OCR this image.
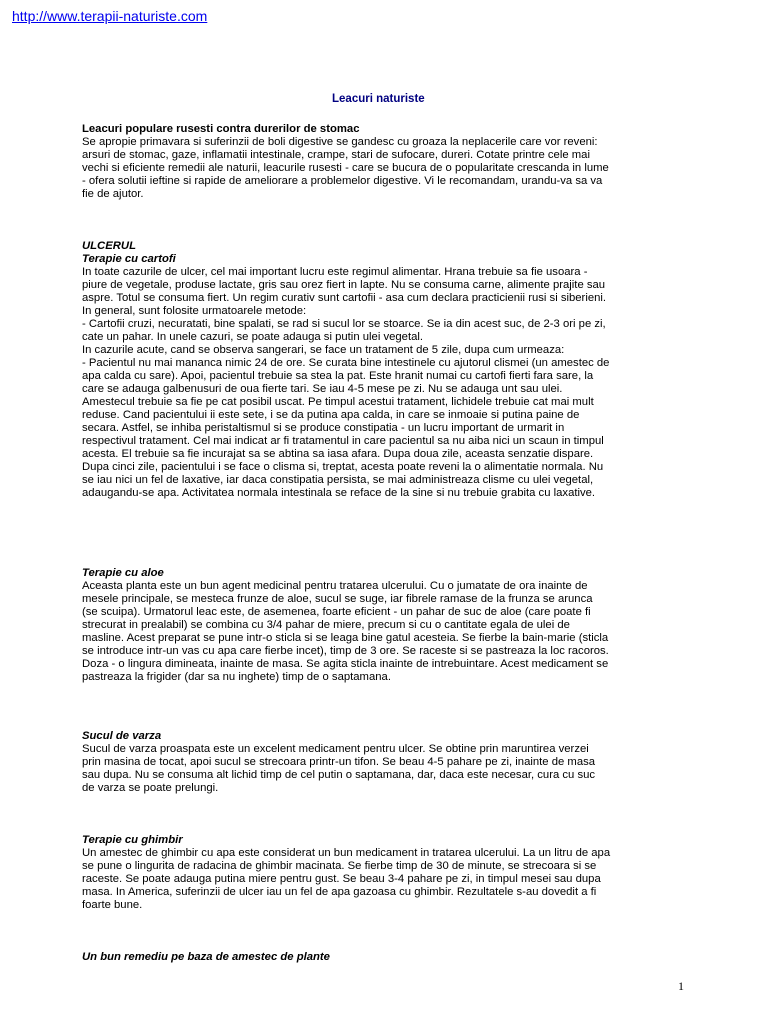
http://www.terapii-naturiste.com
Leacuri naturiste
Leacuri populare rusesti contra durerilor de stomac

Se apropie primavara si suferinzii de boli digestive se gandesc cu groaza la neplacerile care vor reveni:
arsuri de stomac, gaze, inflamatii intestinale, crampe, stari de sufocare, dureri. Cotate printre cele mai
vechi si eficiente remedii ale naturii, leacurile rusesti - care se bucura de o popularitate crescanda in lume
- ofera solutii ieftine si rapide de ameliorare a problemelor digestive. Vi le recomandam, urandu-va sa va
fie de ajutor.

ULCERUL
Terapie cu cartofi

In toate cazurile de ulcer, cel mai important lucru este regimul alimentar. Hrana trebuie sa fie usoara -
piure de vegetale, produse lactate, gris sau orez fiert in lapte. Nu se consuma carne, alimente prajite sau
aspre. Totul se consuma fiert. Un regim curativ sunt cartofii - asa cum declara practicienii rusi si siberieni.
In general, sunt folosite urmatoarele metode:
- Cartofii cruzi, necuratati, bine spalati, se rad si sucul lor se stoarce. Se ia din acest suc, de 2-3 ori pe zi,
cate un pahar. In unele cazuri, se poate adauga si putin ulei vegetal.
In cazurile acute, cand se observa sangerari, se face un tratament de 5 zile, dupa cum urmeaza:
- Pacientul nu mai mananca nimic 24 de ore. Se curata bine intestinele cu ajutorul clismei (un amestec de
apa calda cu sare). Apoi, pacientul trebuie sa stea la pat. Este hranit numai cu cartofi fierti fara sare, la
care se adauga galbenusuri de oua fierte tari. Se iau 4-5 mese pe zi. Nu se adauga unt sau ulei.
Amestecul trebuie sa fie pe cat posibil uscat. Pe timpul acestui tratament, lichidele trebuie cat mai mult
reduse. Cand pacientului ii este sete, i se da putina apa calda, in care se inmoaie si putina paine de
secara. Astfel, se inhiba peristaltismul si se produce constipatia - un lucru important de urmarit in
respectivul tratament. Cel mai indicat ar fi tratamentul in care pacientul sa nu aiba nici un scaun in timpul
acesta. El trebuie sa fie incurajat sa se abtina sa iasa afara. Dupa doua zile, aceasta senzatie dispare.
Dupa cinci zile, pacientului i se face o clisma si, treptat, acesta poate reveni la o alimentatie normala. Nu
se iau nici un fel de laxative, iar daca constipatia persista, se mai administreaza clisme cu ulei vegetal,
adaugandu-se apa. Activitatea normala intestinala se reface de la sine si nu trebuie grabita cu laxative.

Terapie cu aloe

Aceasta planta este un bun agent medicinal pentru tratarea ulcerului. Cu o jumatate de ora inainte de
mesele principale, se mesteca frunze de aloe, sucul se suge, iar fibrele ramase de la frunza se arunca
(se scuipa). Urmatorul leac este, de asemenea, foarte eficient - un pahar de suc de aloe (care poate fi
strecurat in prealabil) se combina cu 3/4 pahar de miere, precum si cu o cantitate egala de ulei de
masline. Acest preparat se pune intr-o sticla si se leaga bine gatul acesteia. Se fierbe la bain-marie (sticla
se introduce intr-un vas cu apa care fierbe incet), timp de 3 ore. Se raceste si se pastreaza la loc racoros.
Doza - o lingura dimineata, inainte de masa. Se agita sticla inainte de intrebuintare. Acest medicament se
pastreaza la frigider (dar sa nu inghete) timp de o saptamana.

Sucul de varza

Sucul de varza proaspata este un excelent medicament pentru ulcer. Se obtine prin maruntirea verzei
prin masina de tocat, apoi sucul se strecoara printr-un tifon. Se beau 4-5 pahare pe zi, inainte de masa
sau dupa. Nu se consuma alt lichid timp de cel putin o saptamana, dar, daca este necesar, cura cu suc
de varza se poate prelungi.

Terapie cu ghimbir

Un amestec de ghimbir cu apa este considerat un bun medicament in tratarea ulcerului. La un litru de apa
se pune o lingurita de radacina de ghimbir macinata. Se fierbe timp de 30 de minute, se strecoara si se
raceste. Se poate adauga putina miere pentru gust. Se beau 3-4 pahare pe zi, in timpul mesei sau dupa
masa. In America, suferinzii de ulcer iau un fel de apa gazoasa cu ghimbir. Rezultatele s-au dovedit a fi
foarte bune.

Un bun remediu pe baza de amestec de plante
1
